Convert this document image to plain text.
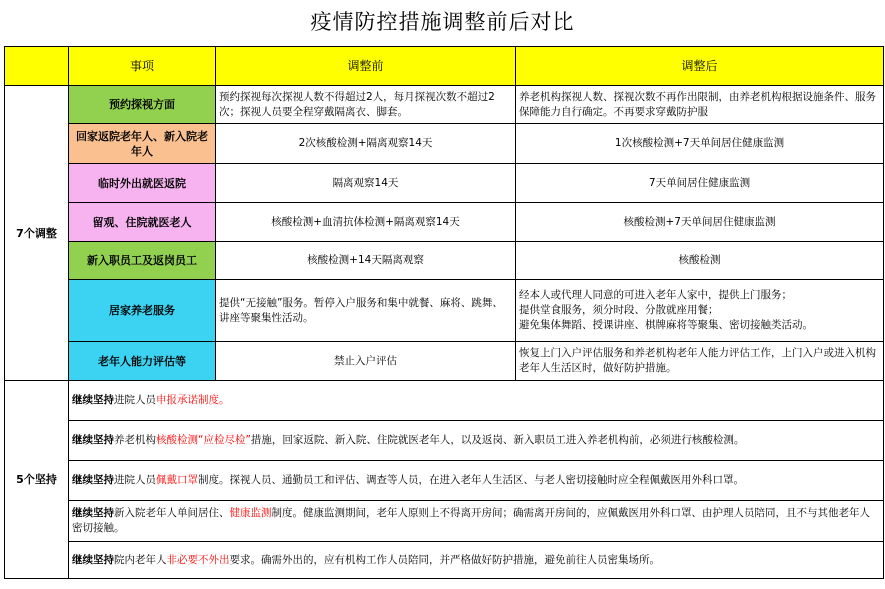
疫情防控措施调整前后对比
	事项	调整前	调整后
7个调整	预约探视方面	预约探视每次探视人数不得超过2人，每月探视次数不超过2次；探视人员要全程穿戴隔离衣、脚套。	养老机构探视人数、探视次数不再作出限制，由养老机构根据设施条件、服务保障能力自行确定。不再要求穿戴防护服
	回家返院老年人、新入院老年人	2次核酸检测+隔离观察14天	1次核酸检测+7天单间居住健康监测
	临时外出就医返院	隔离观察14天	7天单间居住健康监测
	留观、住院就医老人	核酸检测+血清抗体检测+隔离观察14天	核酸检测+7天单间居住健康监测
	新入职员工及返岗员工	核酸检测+14天隔离观察	核酸检测
	居家养老服务	提供“无接触”服务。暂停入户服务和集中就餐、麻将、跳舞、讲座等聚集性活动。	经本人或代理人同意的可进入老年人家中，提供上门服务；
提供堂食服务，须分时段、分散就座用餐；
避免集体舞蹈、授课讲座、棋牌麻将等聚集、密切接触类活动。

	老年人能力评估等	禁止入户评估	恢复上门入户评估服务和养老机构老年人能力评估工作，上门入户或进入机构老年人生活区时，做好防护措施。
5个坚持	继续坚持进院人员申报承诺制度。		
	继续坚持养老机构核酸检测“应检尽检”措施，回家返院、新入院、住院就医老年人，以及返岗、新入职员工进入养老机构前，必须进行核酸检测。		
	继续坚持进院人员佩戴口罩制度。探视人员、通勤员工和评估、调查等人员，在进入老年人生活区、与老人密切接触时应全程佩戴医用外科口罩。		
	继续坚持新入院老年人单间居住、健康监测制度。健康监测期间，老年人原则上不得离开房间；确需离开房间的，应佩戴医用外科口罩、由护理人员陪同，且不与其他老年人密切接触。		
	继续坚持院内老年人非必要不外出要求。确需外出的，应有机构工作人员陪同，并严格做好防护措施，避免前往人员密集场所。		
